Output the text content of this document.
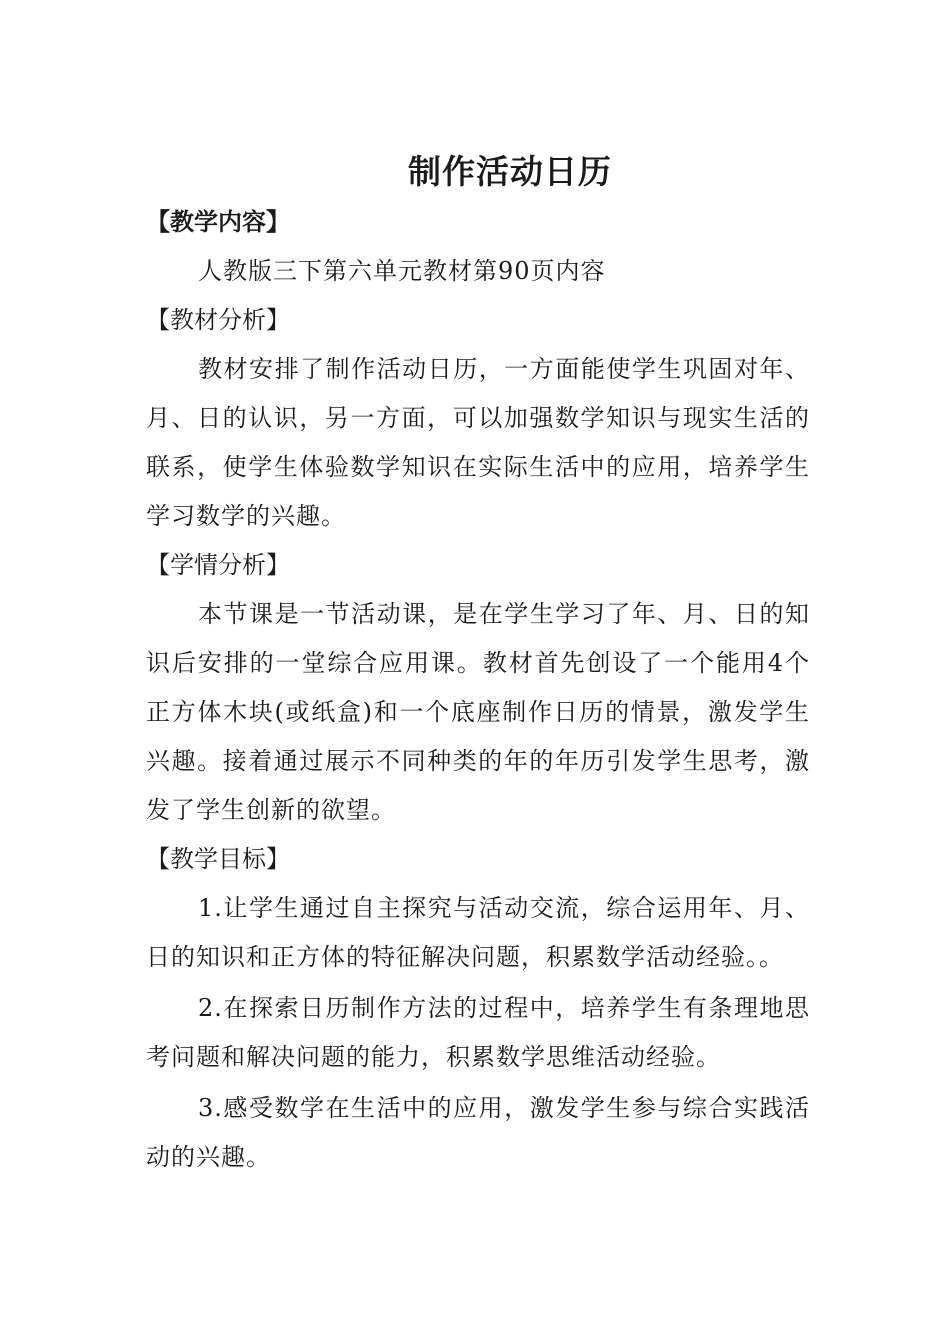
制作活动日历
【教学内容】

人教版三下第六单元教材第90页内容

【教材分析】

教材安排了制作活动日历，一方面能使学生巩固对年、月、日的认识，另一方面，可以加强数学知识与现实生活的联系，使学生体验数学知识在实际生活中的应用，培养学生学习数学的兴趣。

【学情分析】

本节课是一节活动课，是在学生学习了年、月、日的知识后安排的一堂综合应用课。教材首先创设了一个能用4个正方体木块(或纸盒)和一个底座制作日历的情景，激发学生兴趣。接着通过展示不同种类的年的年历引发学生思考，激发了学生创新的欲望。

【教学目标】

1.让学生通过自主探究与活动交流，综合运用年、月、日的知识和正方体的特征解决问题，积累数学活动经验。。

2.在探索日历制作方法的过程中，培养学生有条理地思考问题和解决问题的能力，积累数学思维活动经验。

3.感受数学在生活中的应用，激发学生参与综合实践活动的兴趣。
